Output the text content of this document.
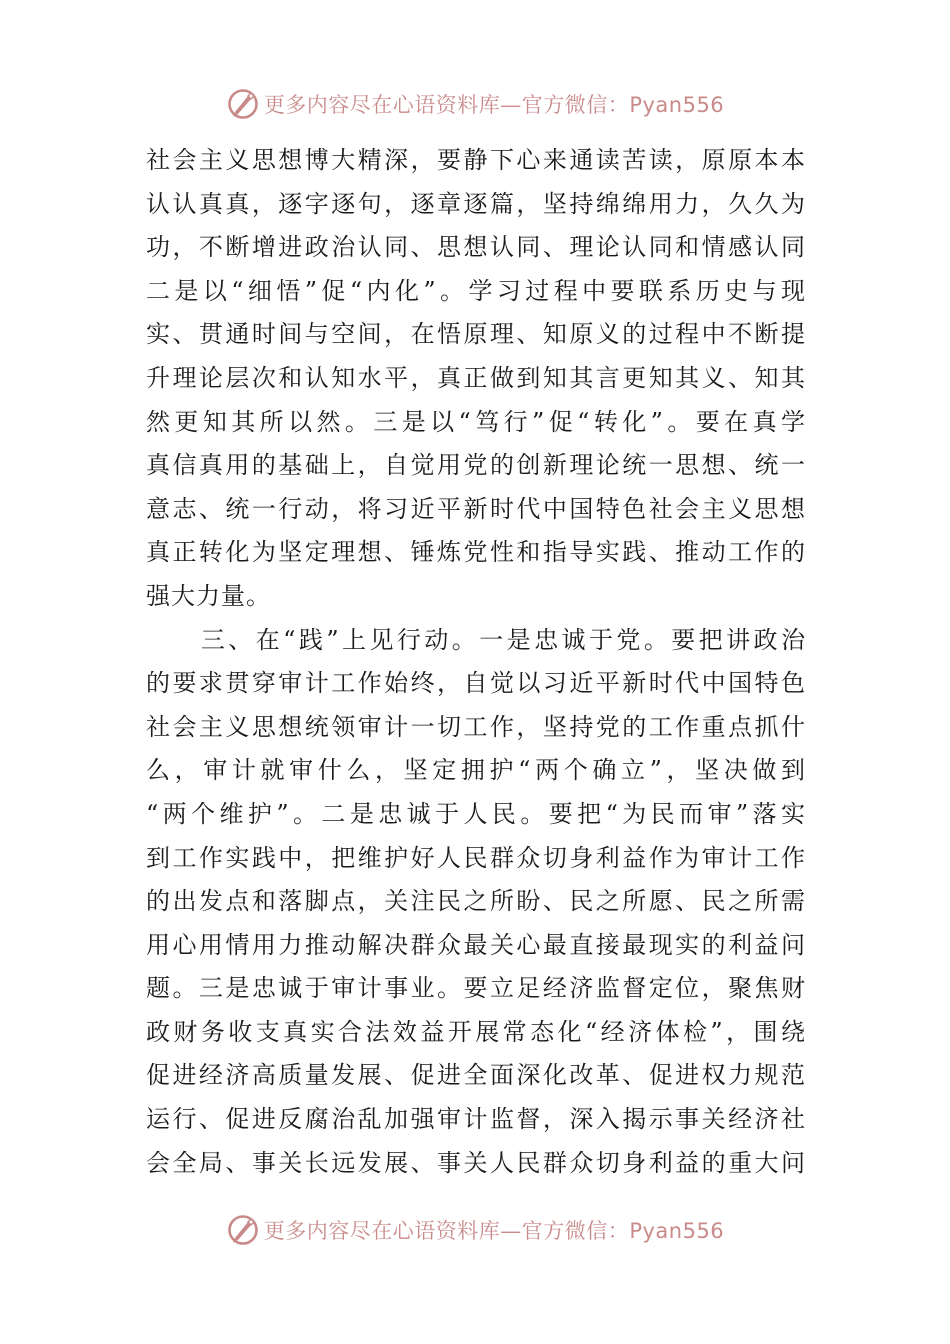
更多内容尽在心语资料库—官方微信：Pyan556
社会主义思想博大精深，要静下心来通读苦读，原原本本
认认真真，逐字逐句，逐章逐篇，坚持绵绵用力，久久为
功，不断增进政治认同、思想认同、理论认同和情感认同
二是以“细悟”促“内化”。学习过程中要联系历史与现
实、贯通时间与空间，在悟原理、知原义的过程中不断提
升理论层次和认知水平，真正做到知其言更知其义、知其
然更知其所以然。三是以“笃行”促“转化”。要在真学
真信真用的基础上，自觉用党的创新理论统一思想、统一
意志、统一行动，将习近平新时代中国特色社会主义思想
真正转化为坚定理想、锤炼党性和指导实践、推动工作的
强大力量。
　　三、在“践”上见行动。一是忠诚于党。要把讲政治
的要求贯穿审计工作始终，自觉以习近平新时代中国特色
社会主义思想统领审计一切工作，坚持党的工作重点抓什
么，审计就审什么，坚定拥护“两个确立”，坚决做到
“两个维护”。二是忠诚于人民。要把“为民而审”落实
到工作实践中，把维护好人民群众切身利益作为审计工作
的出发点和落脚点，关注民之所盼、民之所愿、民之所需
用心用情用力推动解决群众最关心最直接最现实的利益问
题。三是忠诚于审计事业。要立足经济监督定位，聚焦财
政财务收支真实合法效益开展常态化“经济体检”，围绕
促进经济高质量发展、促进全面深化改革、促进权力规范
运行、促进反腐治乱加强审计监督，深入揭示事关经济社
会全局、事关长远发展、事关人民群众切身利益的重大问
更多内容尽在心语资料库—官方微信：Pyan556
